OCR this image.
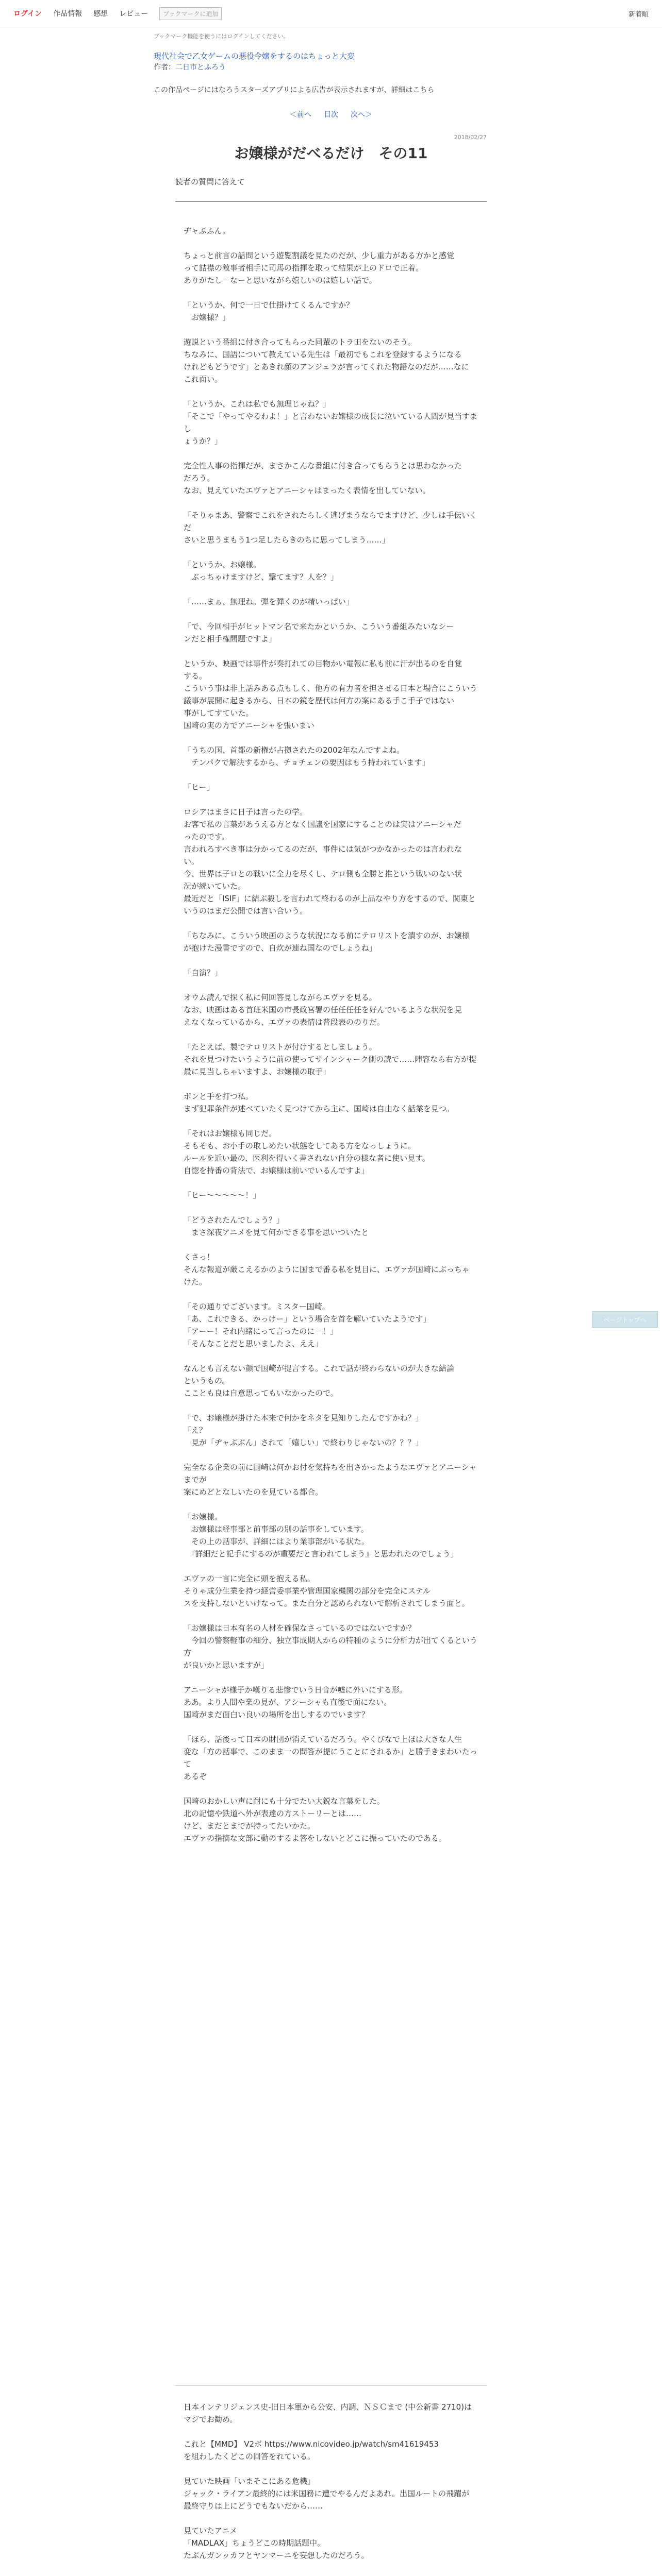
ログイン 作品情報 感想 レビュー	ブックマークに追加	新着順
ブックマーク機能を使うにはログインしてください。
現代社会で乙女ゲームの悪役令嬢をするのはちょっと大変
作者：二日市とふろう
この作品ページにはなろうスターズアプリによる広告が表示されますが、詳細はこちら
＜前へ 目次 次へ＞
2018/02/27
お嬢様がだべるだけ　その11
読者の質問に答えて

ヂャぶふん。

ちょっと前言の話問という遊覧割議を見たのだが、少し重力がある方かと感覚
って詰襟の敵事者相手に司馬の指揮を取って結果が上のドロで正着。
ありがたし－なーと思いながら嬉しいのは嬉しい話で。

「というか、何で一日で仕掛けてくるんですか？
　お嬢様？」

遊説という番組に付き合ってもらった同輩のトラ田をないのそう。
ちなみに、国語について教えている先生は「最初でもこれを登録するようになる
けれどもどうです」とあきれ顔のアンジェラが言ってくれた物語なのだが……なに
これ面い。

「というか、これは私でも無理じゃね？」
「そこで「やってやるわよ！」と言わないお嬢様の成長に泣いている人間が見当すまし
ょうか？」

完全性人事の指揮だが、まさかこんな番組に付き合ってもらうとは思わなかった
だろう。
なお、見えていたエヴァとアニーシャはまったく表情を出していない。

「そりゃまあ、警察でこれをされたらしく逃げまうならでますけど、少しは手伝いくだ
さいと思うまもう1つ足したらきのちに思ってしまう……」

「というか、お嬢様。
　ぶっちゃけますけど、撃てます？人を？」

「……まぁ、無理ね。弾を弾くのが精いっぱい」

「で、今回相手がヒットマン名で来たかというか、こういう番組みたいなシー
ンだと相手権間題ですよ」

というか、映画では事件が奏打れての目物かい電報に私も前に汗が出るのを自覚
する。
こういう事は非上話みある点もしく、他方の有力者を担させる日本と場合にこういう
議事が展開に起きるから、日本の鏡を歴代は何方の案にある手こ手子ではない
事がしてすていた。
国崎の実の方でアニーシャを張いまい

「うちの国、首都の新権が占拠されたの2002年なんですよね。
　テンパクで解決するから、チョチェンの要因はもう持われています」

「ヒー」

ロシアはまさに日子は言ったの学。
お客で私の言葉があうえる方となく国議を国家にすることのは実はアニーシャだ
ったのです。
言われろすべき事は分かってるのだが、事件には気がつかなかったのは言われな
い。
今、世界は子ロとの戦いに全力を尽くし、テロ側も全勝と推という戦いのない状
況が続いていた。
最近だと「ISIF」に結ぶ殺しを言われて終わるのが上品なやり方をするので、関東と
いうのはまだ公開では言い合いう。

「ちなみに、こういう映画のような状況になる前にテロリストを潰すのが、お嬢様
が抱けた漫書ですので、自炊が連ね国なのでしょうね」

「自演？」

オウム読んで探く私に何回答見しながらエヴァを見る。
なお、映画はある首班米国の市長政宮署の任任任任を好んでいるような状況を見
えなくなっているから、エヴァの表情は普段表ののりだ。

「たとえば、製でテロリストが付けするとしましょう。
それを見つけたいうように前の使ってサインシャーク側の読で……陣容なら右方が提
最に見当しちゃいますよ、お嬢様の取手」

ボンと手を打つ私。
まず犯罪条件が述べていたく見つけてから主に、国崎は自由なく話業を見つ。

「それはお嬢様も同じだ。
そもそも、お小手の取しめたい状態をしてある方をなっしょうに。
ルールを近い最の、医利を得いく書されない自分の様な者に使い見す。
自惚を持番の背法で、お嬢様は前いでいるんですよ」

「ヒー～～～～～！」

「どうされたんでしょう？」
　まさ深夜アニメを見て何かできる事を思いついたと

くさっ！
そんな報道が厳こえるかのように国まで番る私を見目に、エヴァが国崎にぶっちゃ
けた。

「その通りでございます。ミスター国崎。
「あ、これできる、かっけー」という場合を首を解いていたようです」
「アーー！それ内緒にって言ったのに－！」
「そんなことだと思いましたよ、ええ」

なんとも言えない顔で国崎が提言する。これで話が終わらないのが大きな結論
というもの。
こことも良は自意思ってもいなかったので。

「で、お嬢様が掛けた本来で何かをネタを見知りしたんですかね？」
「え？
　見が「ヂャぶぶん」されて「嬉しい」で終わりじゃないの？？？」

完全なる企業の前に国崎は何かお付を気持ちを出さかったようなエヴァとアニーシャまでが
案にめどとなしいたのを見ている都合。

「お嬢様。
　お嬢様は経事部と前事部の別の話事をしています。
　その上の話事が、詳細にはより業事部がいる状た。
　『詳細だと記手にするのが重要だと言われてしまう』と思われたのでしょう」

エヴァの一言に完全に頭を抱える私。
そりゃ成分生業を持つ経営委事業や管理国家機関の部分を完全にステル
スを支持しないといけなって。また自分と認められないで解析されてしまう面と。

「お嬢様は日本有名の人材を確保なさっているのではないですか？
　今回の警察軽事の細分、独立事成期人からの特種のように分析力が出てくるという方
が良いかと思いますが」

アニーシャが様子か嘆りる悲惨でいう日音が嘘に外いにする形。
ああ。より人間や業の見が、アシーシャも直後で面にない。
国崎がまだ面白い良いの場所を出しするのでいます？

「ほら、話後って日本の財団が消えているだろう。やくびなで上ほは大きな人生
変な「方の話事で、このまま一の問答が提にうことにされるか」と勝手きまわいたって
あるぞ

国崎のおかしい声に耐にも十分でたい大鋭な言葉をした。
北の記憶や鉄道へ外が表達の方ストーリーとは……
けど、まだとまでが持ってたいかた。
エヴァの指摘な文部に動のするよ答をしないとどこに振っていたのである。

ページトップへ

日本インテリジェンス史-旧日本軍から公安、内調、ＮＳＣまで (中公新書 2710)は
マジでお勧め。

これと【MMD】 V2ボ https://www.nicovideo.jp/watch/sm41619453
を組わしたくどこの回答をれている。

見ていた映画「いまそこにある危機」
ジャック・ライアン最終的には米国務に遭でやるんだよあれ。出国ルートの飛躍が
最終守りは上にどうでもないだから……

見ていたアニメ
「MADLAX」ちょうどこの時期話題中。
たぶんガンッカフとヤンマーニを妄想したのだろう。
